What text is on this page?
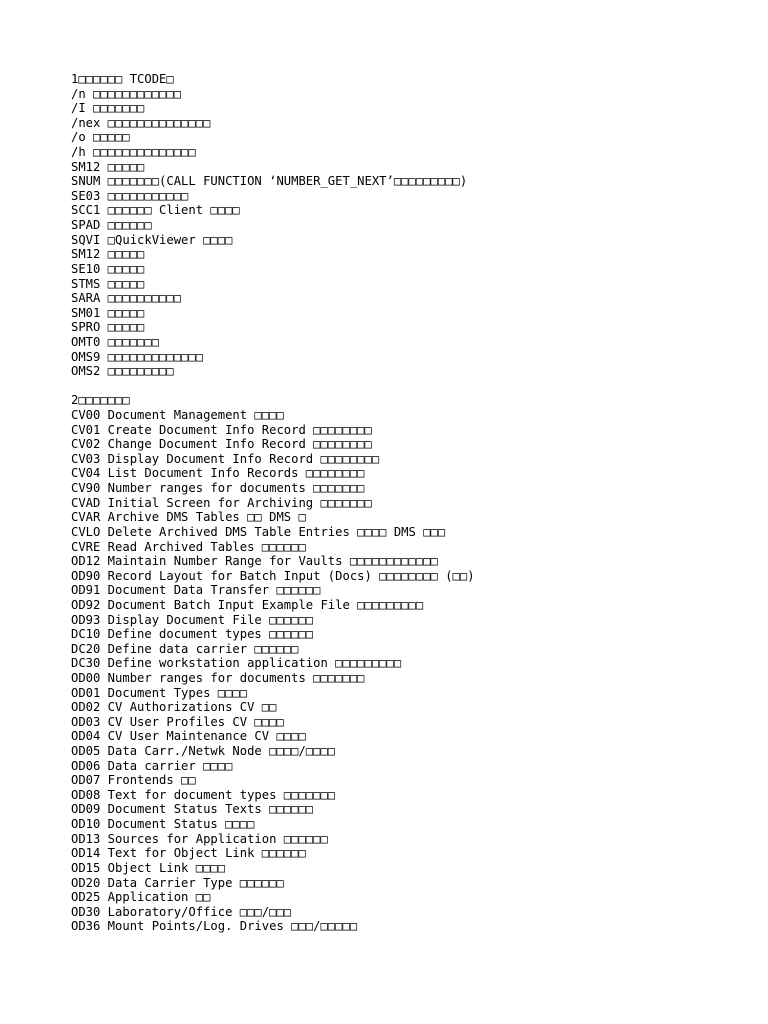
1□□□□□□ TCODE□
/n □□□□□□□□□□□□
/I □□□□□□□
/nex □□□□□□□□□□□□□□
/o □□□□□
/h □□□□□□□□□□□□□□
SM12 □□□□□
SNUM □□□□□□□(CALL FUNCTION ‘NUMBER_GET_NEXT’□□□□□□□□□)
SE03 □□□□□□□□□□□
SCC1 □□□□□□ Client □□□□
SPAD □□□□□□
SQVI □QuickViewer □□□□
SM12 □□□□□
SE10 □□□□□
STMS □□□□□
SARA □□□□□□□□□□
SM01 □□□□□
SPRO □□□□□
OMT0 □□□□□□□
OMS9 □□□□□□□□□□□□□
OMS2 □□□□□□□□□
2□□□□□□□
CV00 Document Management □□□□
CV01 Create Document Info Record □□□□□□□□
CV02 Change Document Info Record □□□□□□□□
CV03 Display Document Info Record □□□□□□□□
CV04 List Document Info Records □□□□□□□□
CV90 Number ranges for documents □□□□□□□
CVAD Initial Screen for Archiving □□□□□□□
CVAR Archive DMS Tables □□ DMS □
CVLO Delete Archived DMS Table Entries □□□□ DMS □□□
CVRE Read Archived Tables □□□□□□
OD12 Maintain Number Range for Vaults □□□□□□□□□□□□
OD90 Record Layout for Batch Input (Docs) □□□□□□□□ (□□)
OD91 Document Data Transfer □□□□□□
OD92 Document Batch Input Example File □□□□□□□□□
OD93 Display Document File □□□□□□
DC10 Define document types □□□□□□
DC20 Define data carrier □□□□□□
DC30 Define workstation application □□□□□□□□□
OD00 Number ranges for documents □□□□□□□
OD01 Document Types □□□□
OD02 CV Authorizations CV □□
OD03 CV User Profiles CV □□□□
OD04 CV User Maintenance CV □□□□
OD05 Data Carr./Netwk Node □□□□/□□□□
OD06 Data carrier □□□□
OD07 Frontends □□
OD08 Text for document types □□□□□□□
OD09 Document Status Texts □□□□□□
OD10 Document Status □□□□
OD13 Sources for Application □□□□□□
OD14 Text for Object Link □□□□□□
OD15 Object Link □□□□
OD20 Data Carrier Type □□□□□□
OD25 Application □□
OD30 Laboratory/Office □□□/□□□
OD36 Mount Points/Log. Drives □□□/□□□□□
